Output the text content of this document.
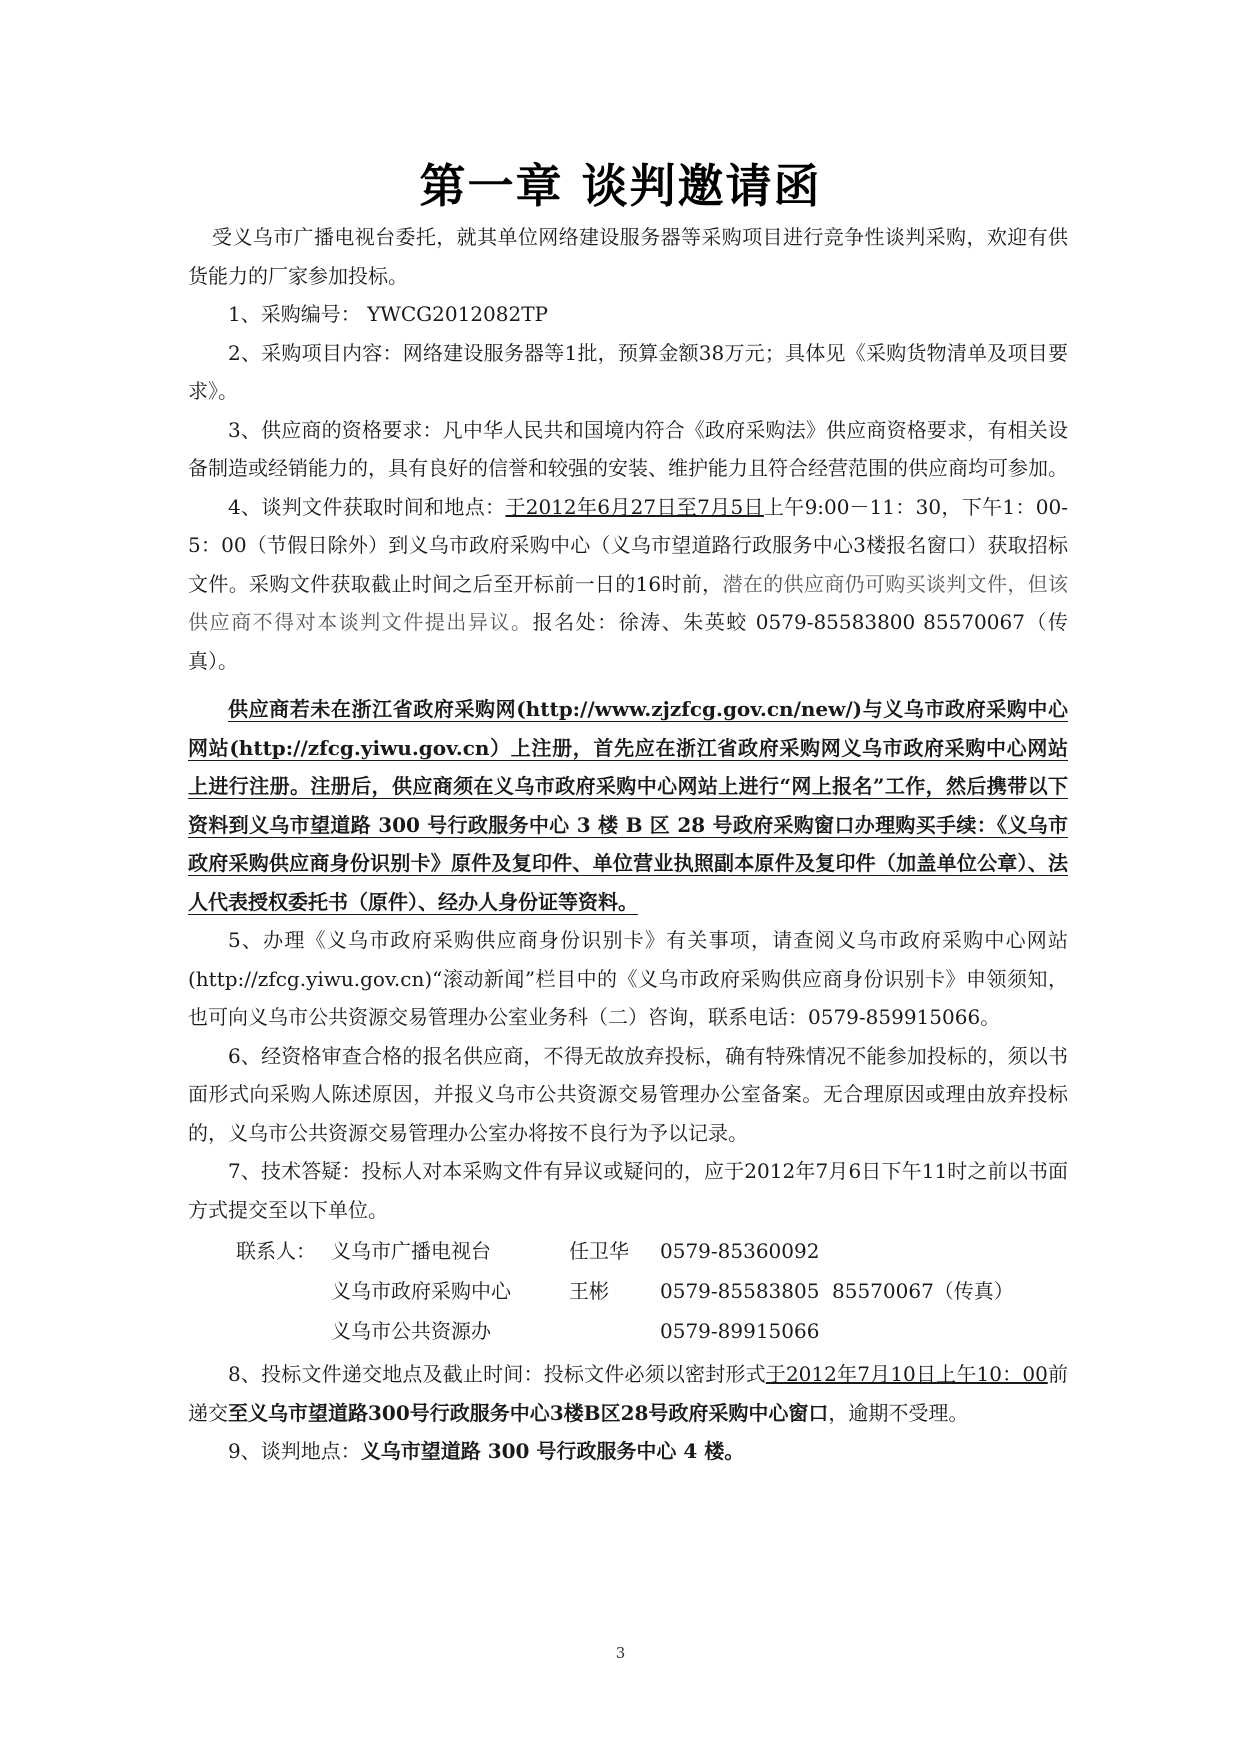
第一章 谈判邀请函

受义乌市广播电视台委托，就其单位网络建设服务器等采购项目进行竞争性谈判采购，欢迎有供货能力的厂家参加投标。

1、采购编号： YWCG2012082TP

2、采购项目内容：网络建设服务器等1批，预算金额38万元；具体见《采购货物清单及项目要求》。

3、供应商的资格要求：凡中华人民共和国境内符合《政府采购法》供应商资格要求，有相关设备制造或经销能力的，具有良好的信誉和较强的安装、维护能力且符合经营范围的供应商均可参加。

4、谈判文件获取时间和地点：于2012年6月27日至7月5日上午9:00－11：30，下午1：00-5：00（节假日除外）到义乌市政府采购中心（义乌市望道路行政服务中心3楼报名窗口）获取招标文件。采购文件获取截止时间之后至开标前一日的16时前，潜在的供应商仍可购买谈判文件，但该供应商不得对本谈判文件提出异议。报名处：徐涛、朱英蛟 0579-85583800 85570067（传真）。

供应商若未在浙江省政府采购网(http://www.zjzfcg.gov.cn/new/)与义乌市政府采购中心网站(http://zfcg.yiwu.gov.cn）上注册，首先应在浙江省政府采购网义乌市政府采购中心网站上进行注册。注册后，供应商须在义乌市政府采购中心网站上进行“网上报名”工作，然后携带以下资料到义乌市望道路 300 号行政服务中心 3 楼 B 区 28 号政府采购窗口办理购买手续：《义乌市政府采购供应商身份识别卡》原件及复印件、单位营业执照副本原件及复印件（加盖单位公章）、法人代表授权委托书（原件）、经办人身份证等资料。

5、办理《义乌市政府采购供应商身份识别卡》有关事项，请查阅义乌市政府采购中心网站(http://zfcg.yiwu.gov.cn)“滚动新闻”栏目中的《义乌市政府采购供应商身份识别卡》申领须知，也可向义乌市公共资源交易管理办公室业务科（二）咨询，联系电话：0579-859915066。

6、经资格审查合格的报名供应商，不得无故放弃投标，确有特殊情况不能参加投标的，须以书面形式向采购人陈述原因，并报义乌市公共资源交易管理办公室备案。无合理原因或理由放弃投标的，义乌市公共资源交易管理办公室办将按不良行为予以记录。

7、技术答疑：投标人对本采购文件有异议或疑问的，应于2012年7月6日下午11时之前以书面方式提交至以下单位。

联系人： 义乌市广播电视台	任卫华 0579-85360092
义乌市政府采购中心	王彬	0579-85583805 85570067（传真）
义乌市公共资源办	0579-89915066

8、投标文件递交地点及截止时间：投标文件必须以密封形式于2012年7月10日上午10：00前递交至义乌市望道路300号行政服务中心3楼B区28号政府采购中心窗口，逾期不受理。

9、谈判地点：义乌市望道路 300 号行政服务中心 4 楼。

3
